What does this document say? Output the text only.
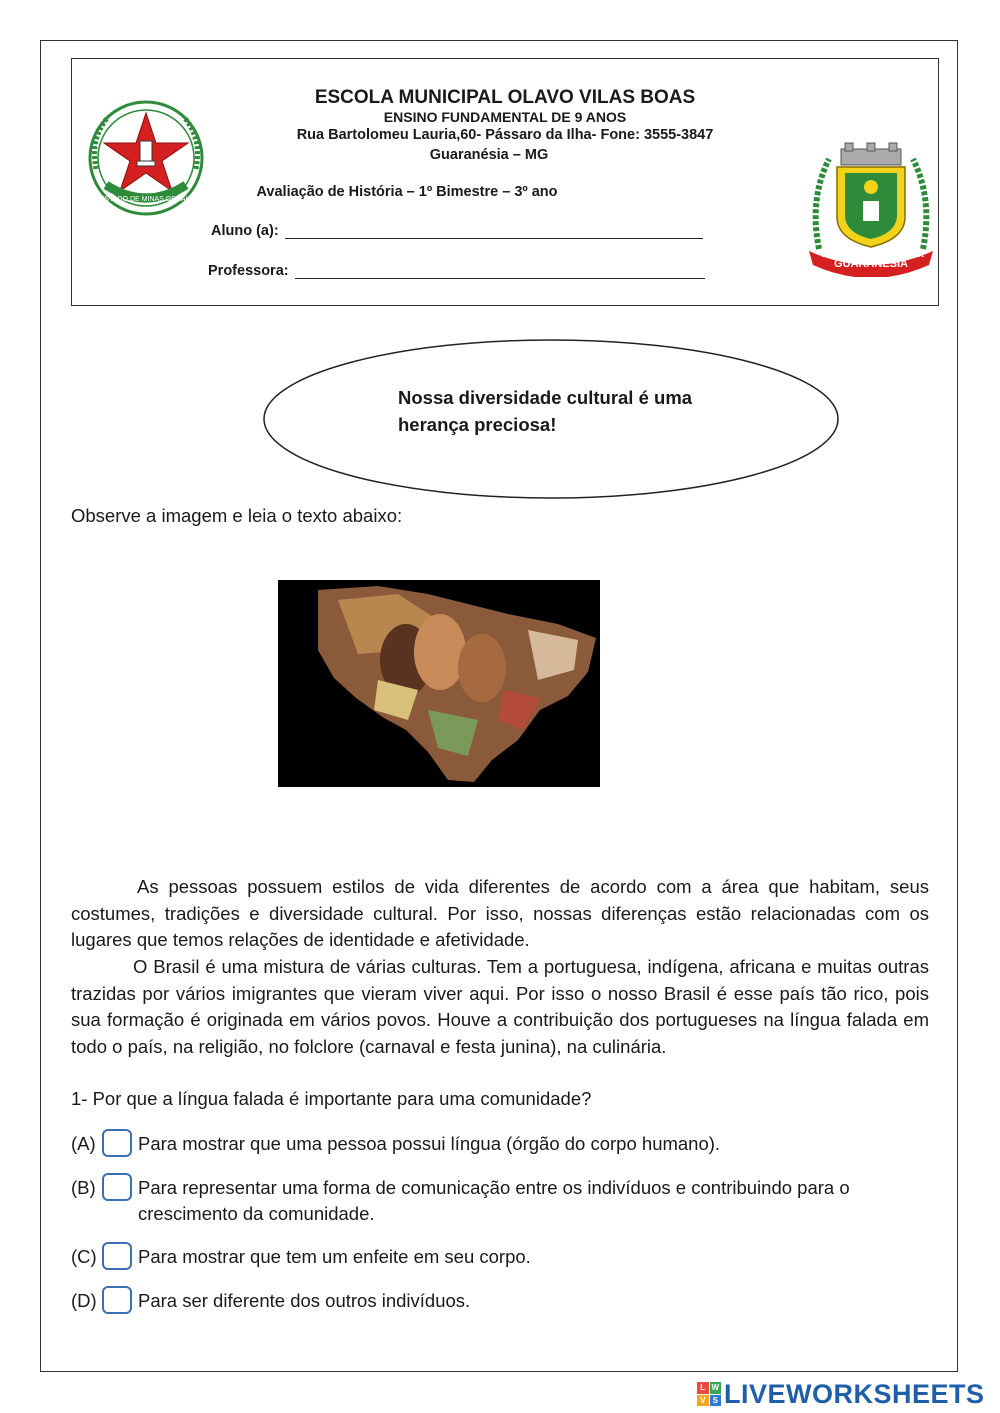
ESTADO DE MINAS GERAIS
ESCOLA MUNICIPAL OLAVO VILAS BOAS
ENSINO FUNDAMENTAL DE 9 ANOS
Rua Bartolomeu Lauria,60- Pássaro da Ilha- Fone: 3555-3847
Guaranésia – MG
Avaliação de História – 1º Bimestre – 3º ano
Aluno (a):
Professora:	GUARANÉSIA
1836	1901
Nossa diversidade cultural é uma
herança preciosa!
Observe a imagem e leia o texto abaixo:
As pessoas possuem estilos de vida diferentes de acordo com a área que habitam, seus costumes, tradições e diversidade cultural. Por isso, nossas diferenças estão relacionadas com os lugares que temos relações de identidade e afetividade.
O Brasil é uma mistura de várias culturas. Tem a portuguesa, indígena, africana e muitas outras trazidas por vários imigrantes que vieram viver aqui. Por isso o nosso Brasil é esse país tão rico, pois sua formação é originada em vários povos. Houve a contribuição dos portugueses na língua falada em todo o país, na religião, no folclore (carnaval e festa junina), na culinária.
1- Por que a língua falada é importante para uma comunidade?
(A) Para mostrar que uma pessoa possui língua (órgão do corpo humano).
(B) Para representar uma forma de comunicação entre os indivíduos e contribuindo para o crescimento da comunidade.
(C) Para mostrar que tem um enfeite em seu corpo.
(D) Para ser diferente dos outros indivíduos.
L W
V S LIVEWORKSHEETS
